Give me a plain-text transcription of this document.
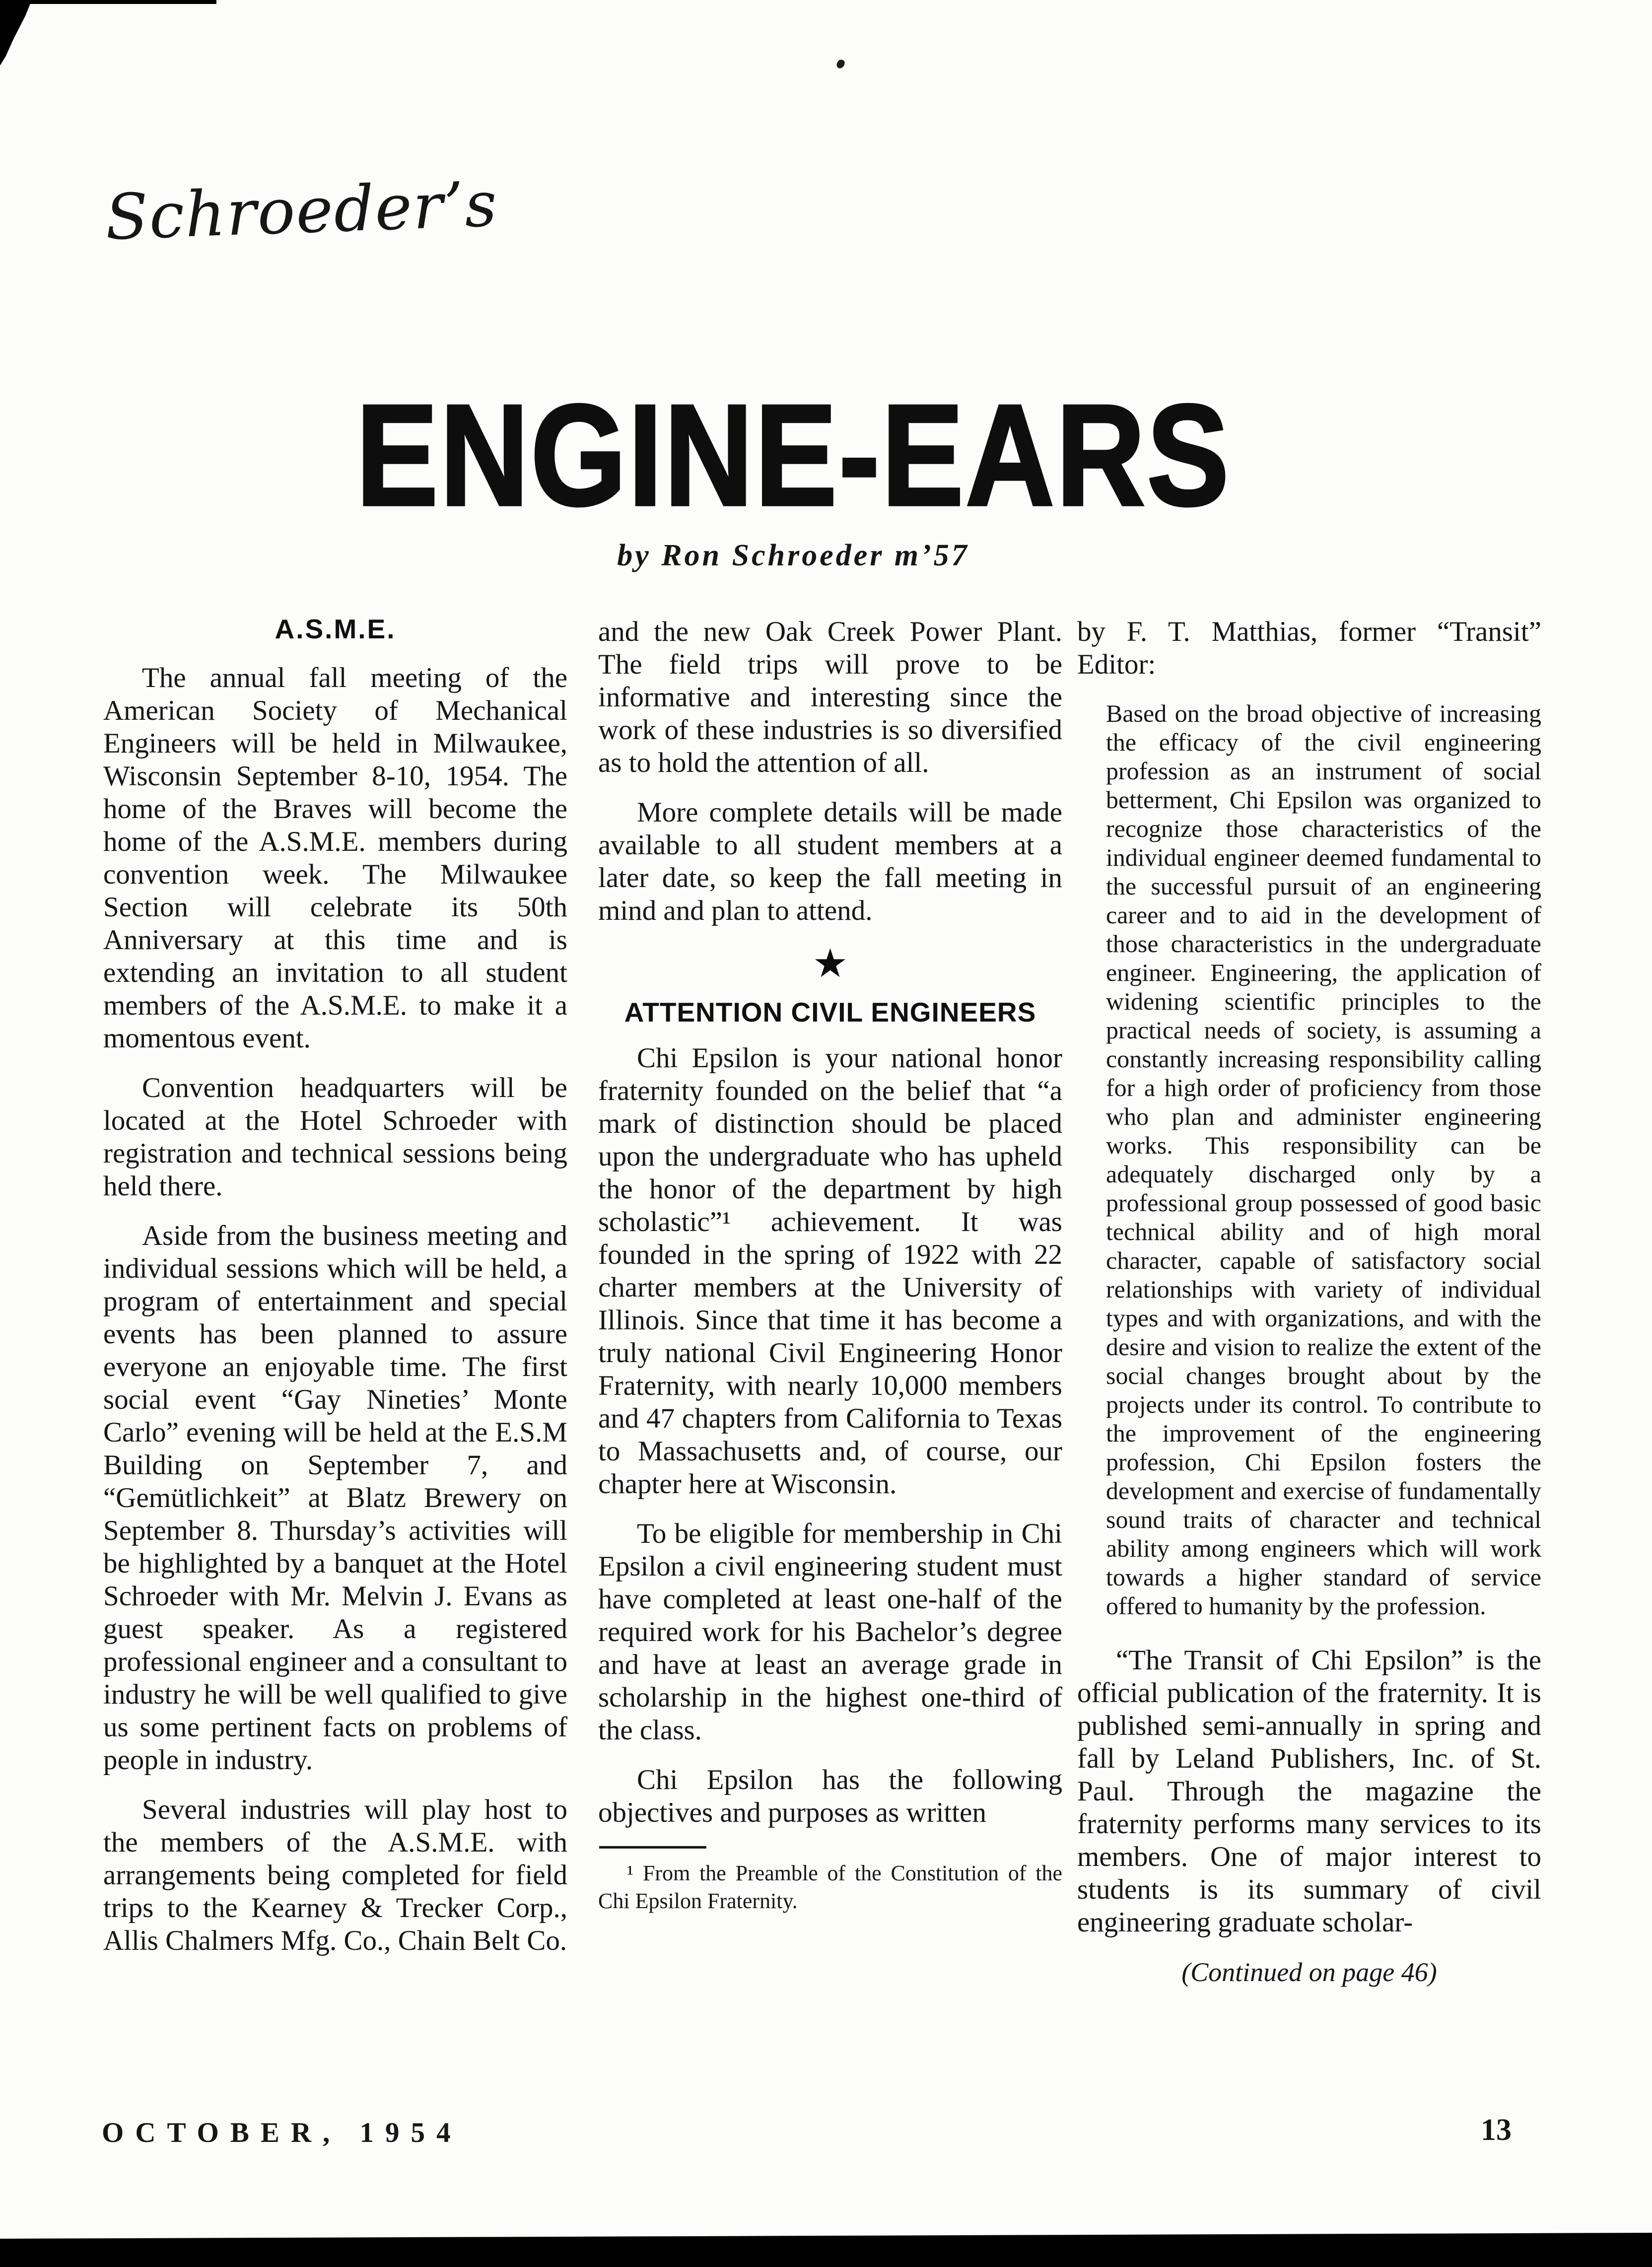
Schroeder’s
ENGINE-EARS
by Ron Schroeder m’57
A.S.M.E.

The annual fall meeting of the American Society of Mechanical Engineers will be held in Milwaukee, Wisconsin September 8-10, 1954. The home of the Braves will become the home of the A.S.M.E. members during convention week. The Milwaukee Section will celebrate its 50th Anniversary at this time and is extending an invitation to all student members of the A.S.M.E. to make it a momentous event.

Convention headquarters will be located at the Hotel Schroeder with registration and technical sessions being held there.

Aside from the business meeting and individual sessions which will be held, a program of entertainment and special events has been planned to assure everyone an enjoyable time. The first social event “Gay Nineties’ Monte Carlo” evening will be held at the E.S.M Building on September 7, and “Gemütlichkeit” at Blatz Brewery on September 8. Thursday’s activities will be highlighted by a banquet at the Hotel Schroeder with Mr. Melvin J. Evans as guest speaker. As a registered professional engineer and a consultant to industry he will be well qualified to give us some pertinent facts on problems of people in industry.

Several industries will play host to the members of the A.S.M.E. with arrangements being completed for field trips to the Kearney & Trecker Corp., Allis Chalmers Mfg. Co., Chain Belt Co.

and the new Oak Creek Power Plant. The field trips will prove to be informative and interesting since the work of these industries is so diversified as to hold the attention of all.

More complete details will be made available to all student members at a later date, so keep the fall meeting in mind and plan to attend.

★
ATTENTION CIVIL ENGINEERS

Chi Epsilon is your national honor fraternity founded on the belief that “a mark of distinction should be placed upon the undergraduate who has upheld the honor of the department by high scholastic”¹ achievement. It was founded in the spring of 1922 with 22 charter members at the University of Illinois. Since that time it has become a truly national Civil Engineering Honor Fraternity, with nearly 10,000 members and 47 chapters from California to Texas to Massachusetts and, of course, our chapter here at Wisconsin.

To be eligible for membership in Chi Epsilon a civil engineering student must have completed at least one-half of the required work for his Bachelor’s degree and have at least an average grade in scholarship in the highest one-third of the class.

Chi Epsilon has the following objectives and purposes as written

¹ From the Preamble of the Constitution of the Chi Epsilon Fraternity.

by F. T. Matthias, former “Transit” Editor:

Based on the broad objective of increasing the efficacy of the civil engineering profession as an instrument of social betterment, Chi Epsilon was organized to recognize those characteristics of the individual engineer deemed fundamental to the successful pursuit of an engineering career and to aid in the development of those characteristics in the undergraduate engineer. Engineering, the application of widening scientific principles to the practical needs of society, is assuming a constantly increasing responsibility calling for a high order of proficiency from those who plan and administer engineering works. This responsibility can be adequately discharged only by a professional group possessed of good basic technical ability and of high moral character, capable of satisfactory social relationships with variety of individual types and with organizations, and with the desire and vision to realize the extent of the social changes brought about by the projects under its control. To contribute to the improvement of the engineering profession, Chi Epsilon fosters the development and exercise of fundamentally sound traits of character and technical ability among engineers which will work towards a higher standard of service offered to humanity by the profession.

“The Transit of Chi Epsilon” is the official publication of the fraternity. It is published semi-annually in spring and fall by Leland Publishers, Inc. of St. Paul. Through the magazine the fraternity performs many services to its members. One of major interest to students is its summary of civil engineering graduate scholar-

(Continued on page 46)

OCTOBER, 1954	13
